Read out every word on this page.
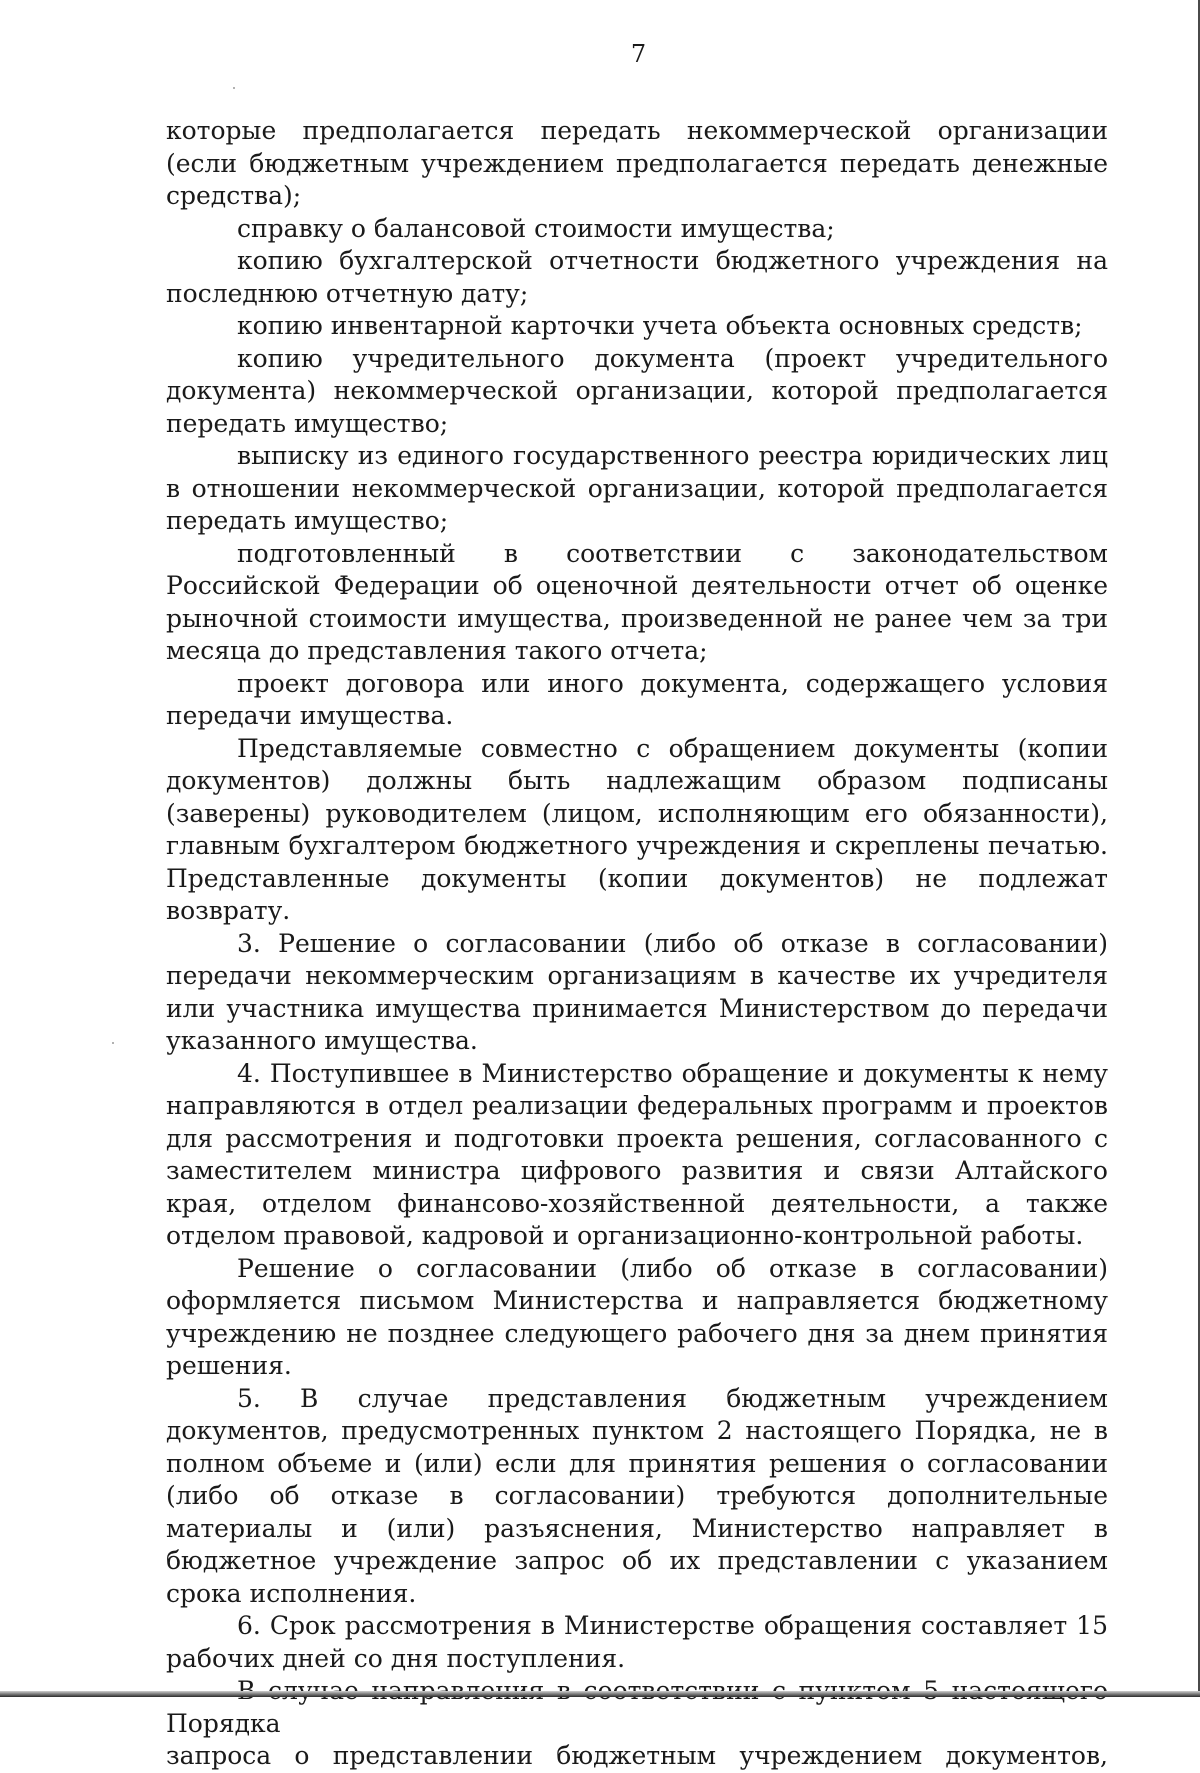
7

которые предполагается передать некоммерческой организации (если бюджетным учреждением предполагается передать денежные средства);

справку о балансовой стоимости имущества;

копию бухгалтерской отчетности бюджетного учреждения на последнюю отчетную дату;

копию инвентарной карточки учета объекта основных средств;

копию учредительного документа (проект учредительного документа) некоммерческой организации, которой предполагается передать имущество;

выписку из единого государственного реестра юридических лиц в отношении некоммерческой организации, которой предполагается передать имущество;

подготовленный в соответствии с законодательством Российской Федерации об оценочной деятельности отчет об оценке рыночной стоимости имущества, произведенной не ранее чем за три месяца до представления такого отчета;

проект договора или иного документа, содержащего условия передачи имущества.

Представляемые совместно с обращением документы (копии документов) должны быть надлежащим образом подписаны (заверены) руководителем (лицом, исполняющим его обязанности), главным бухгалтером бюджетного учреждения и скреплены печатью. Представленные документы (копии документов) не подлежат возврату.

3. Решение о согласовании (либо об отказе в согласовании) передачи некоммерческим организациям в качестве их учредителя или участника имущества принимается Министерством до передачи указанного имущества.

4. Поступившее в Министерство обращение и документы к нему направляются в отдел реализации федеральных программ и проектов для рассмотрения и подготовки проекта решения, согласованного с заместителем министра цифрового развития и связи Алтайского края, отделом финансово-хозяйственной деятельности, а также отделом правовой, кадровой и организационно-контрольной работы.

Решение о согласовании (либо об отказе в согласовании) оформляется письмом Министерства и направляется бюджетному учреждению не позднее следующего рабочего дня за днем принятия решения.

5. В случае представления бюджетным учреждением документов, предусмотренных пунктом 2 настоящего Порядка, не в полном объеме и (или) если для принятия решения о согласовании (либо об отказе в согласовании) требуются дополнительные материалы и (или) разъяснения, Министерство направляет в бюджетное учреждение запрос об их представлении с указанием срока исполнения.

6. Срок рассмотрения в Министерстве обращения составляет 15 рабочих дней со дня поступления.

Порядка
запроса о представлении бюджетным учреждением документов,
